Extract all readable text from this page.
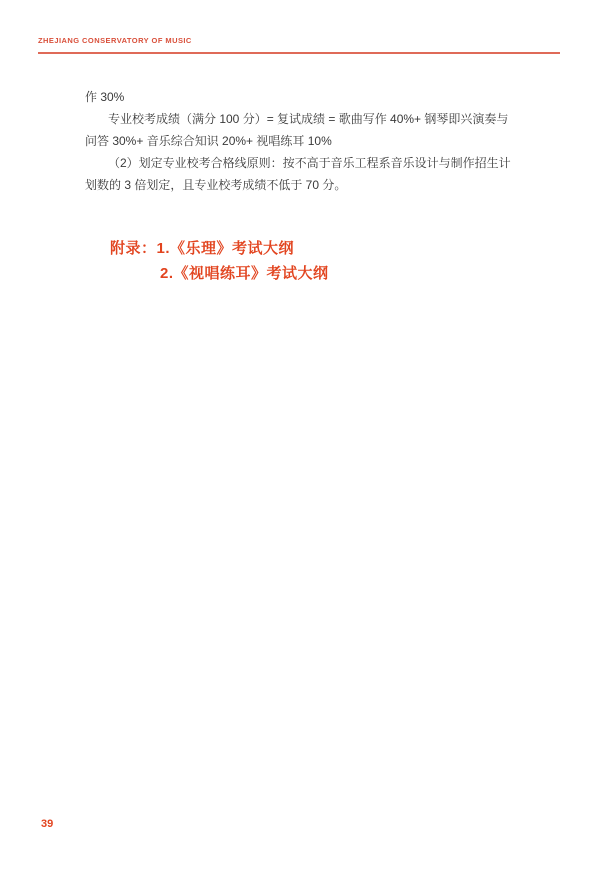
ZHEJIANG CONSERVATORY OF MUSIC
作 30%
专业校考成绩（满分 100 分）= 复试成绩 = 歌曲写作 40%+ 钢琴即兴演奏与
问答 30%+ 音乐综合知识 20%+ 视唱练耳 10%
（2）划定专业校考合格线原则：按不高于音乐工程系音乐设计与制作招生计
划数的 3 倍划定，且专业校考成绩不低于 70 分。
附录：1.《乐理》考试大纲
2.《视唱练耳》考试大纲
39
